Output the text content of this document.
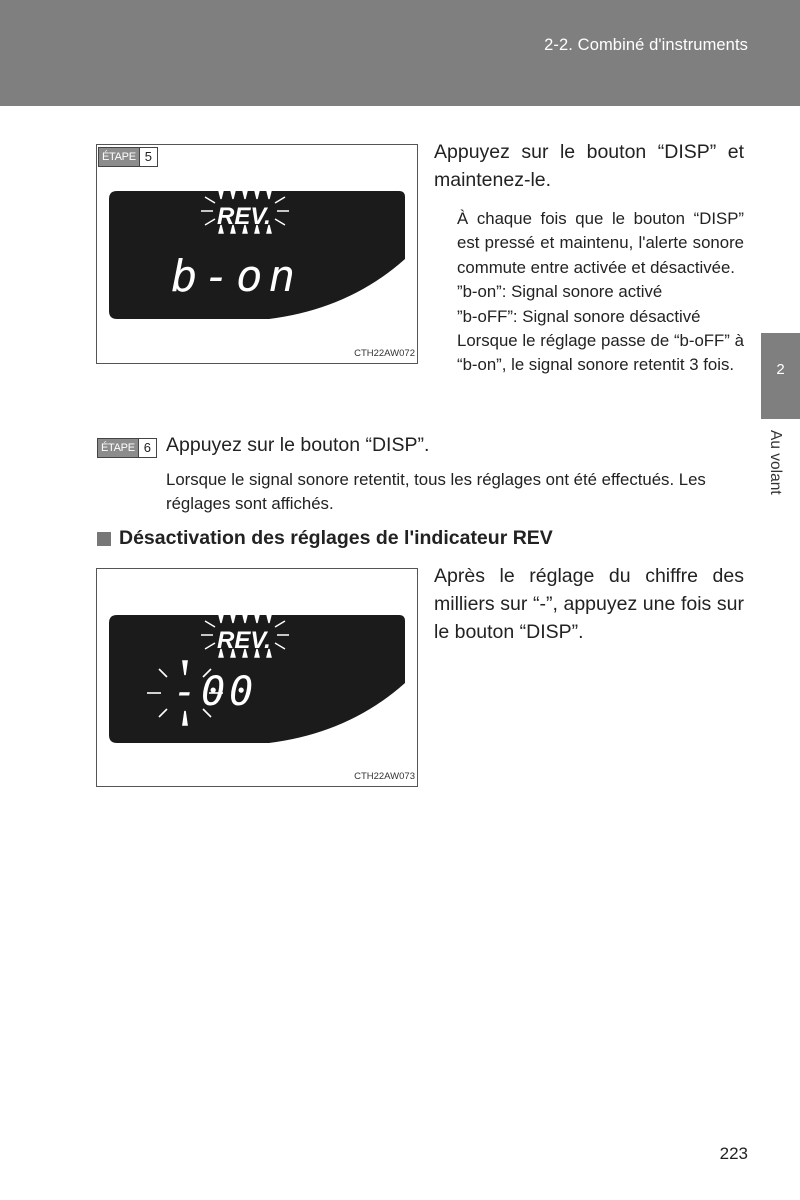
2-2. Combiné d'instruments
2
Au volant
ÉTAPE 5
REV.
b-on
CTH22AW072
Appuyez sur le bouton “DISP” et maintenez-le.
À chaque fois que le bouton “DISP” est pressé et maintenu, l'alerte sonore commute entre activée et désactivée.
”b-on”: Signal sonore activé
”b-oFF”: Signal sonore désactivé
Lorsque le réglage passe de “b-oFF” à “b-on”, le signal sonore retentit 3 fois.
ÉTAPE 6 Appuyez sur le bouton “DISP”.
Lorsque le signal sonore retentit, tous les réglages ont été effectués. Les réglages sont affichés.
Désactivation des réglages de l'indicateur REV
-00
REV.
CTH22AW073
Après le réglage du chiffre des milliers sur “-”, appuyez une fois sur le bouton “DISP”.
223
